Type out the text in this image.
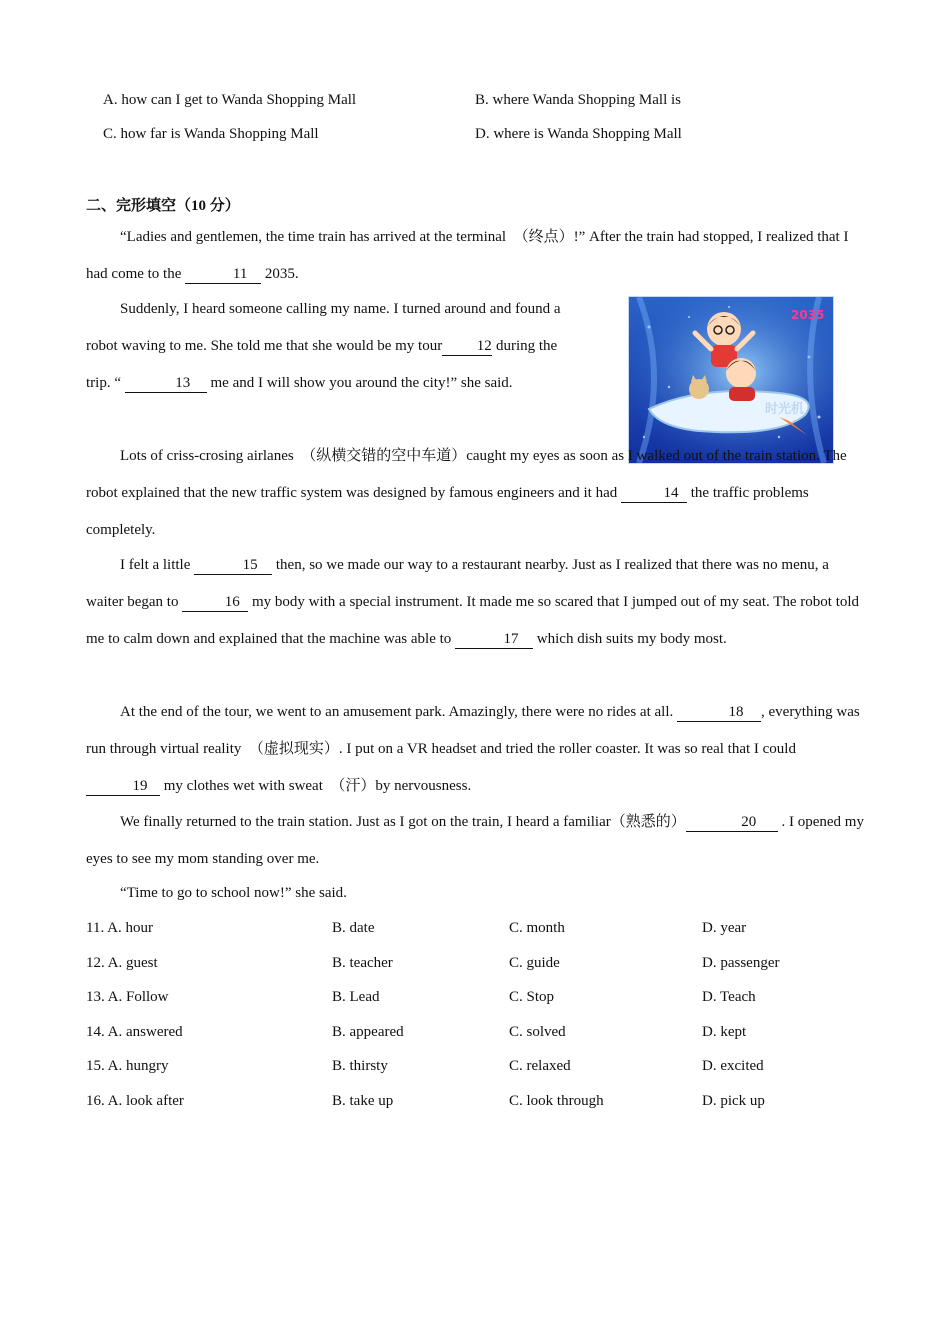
A. how can I get to Wanda Shopping Mall	B. where Wanda Shopping Mall is
C. how far is Wanda Shopping Mall	D. where is Wanda Shopping Mall
二、完形填空（10 分）
“Ladies and gentlemen, the time train has arrived at the terminal　（终点）!” After the train had stopped, I realized that I had come to the	11 2035.
Suddenly, I heard someone calling my name. I turned around and found a robot waving to me. She told me that she would be my tour 12 during the trip. “	13 me and I will show you around the city!” she said.
2035
时光机
Lots of criss-crosing airlanes　（纵横交错的空中车道）caught my eyes as soon as I walked out of the train station. The robot explained that the new traffic system was designed by famous engineers and it had	14 the traffic problems completely.
I felt a little	15 then, so we made our way to a restaurant nearby. Just as I realized that there was no menu, a waiter began to	16 my body with a special instrument. It made me so scared that I jumped out of my seat. The robot told me to calm down and explained that the machine was able to	17 which dish suits my body most.
At the end of the tour, we went to an amusement park. Amazingly, there were no rides at all.	18 , everything was run through virtual reality　（虚拟现实）. I put on a VR headset and tried the roller coaster. It was so real that I could 19 my clothes wet with sweat　（汗）by nervousness.
We finally returned to the train station. Just as I got on the train, I heard a familiar（熟悉的）	20 . I opened my eyes to see my mom standing over me.
“Time to go to school now!” she said.
11. A. hour	B. date	C. month	D. year
12. A. guest	B. teacher	C. guide	D. passenger
13. A. Follow	B. Lead	C. Stop	D. Teach
14. A. answered	B. appeared	C. solved	D. kept
15. A. hungry	B. thirsty	C. relaxed	D. excited
16. A. look after	B. take up	C. look through	D. pick up
